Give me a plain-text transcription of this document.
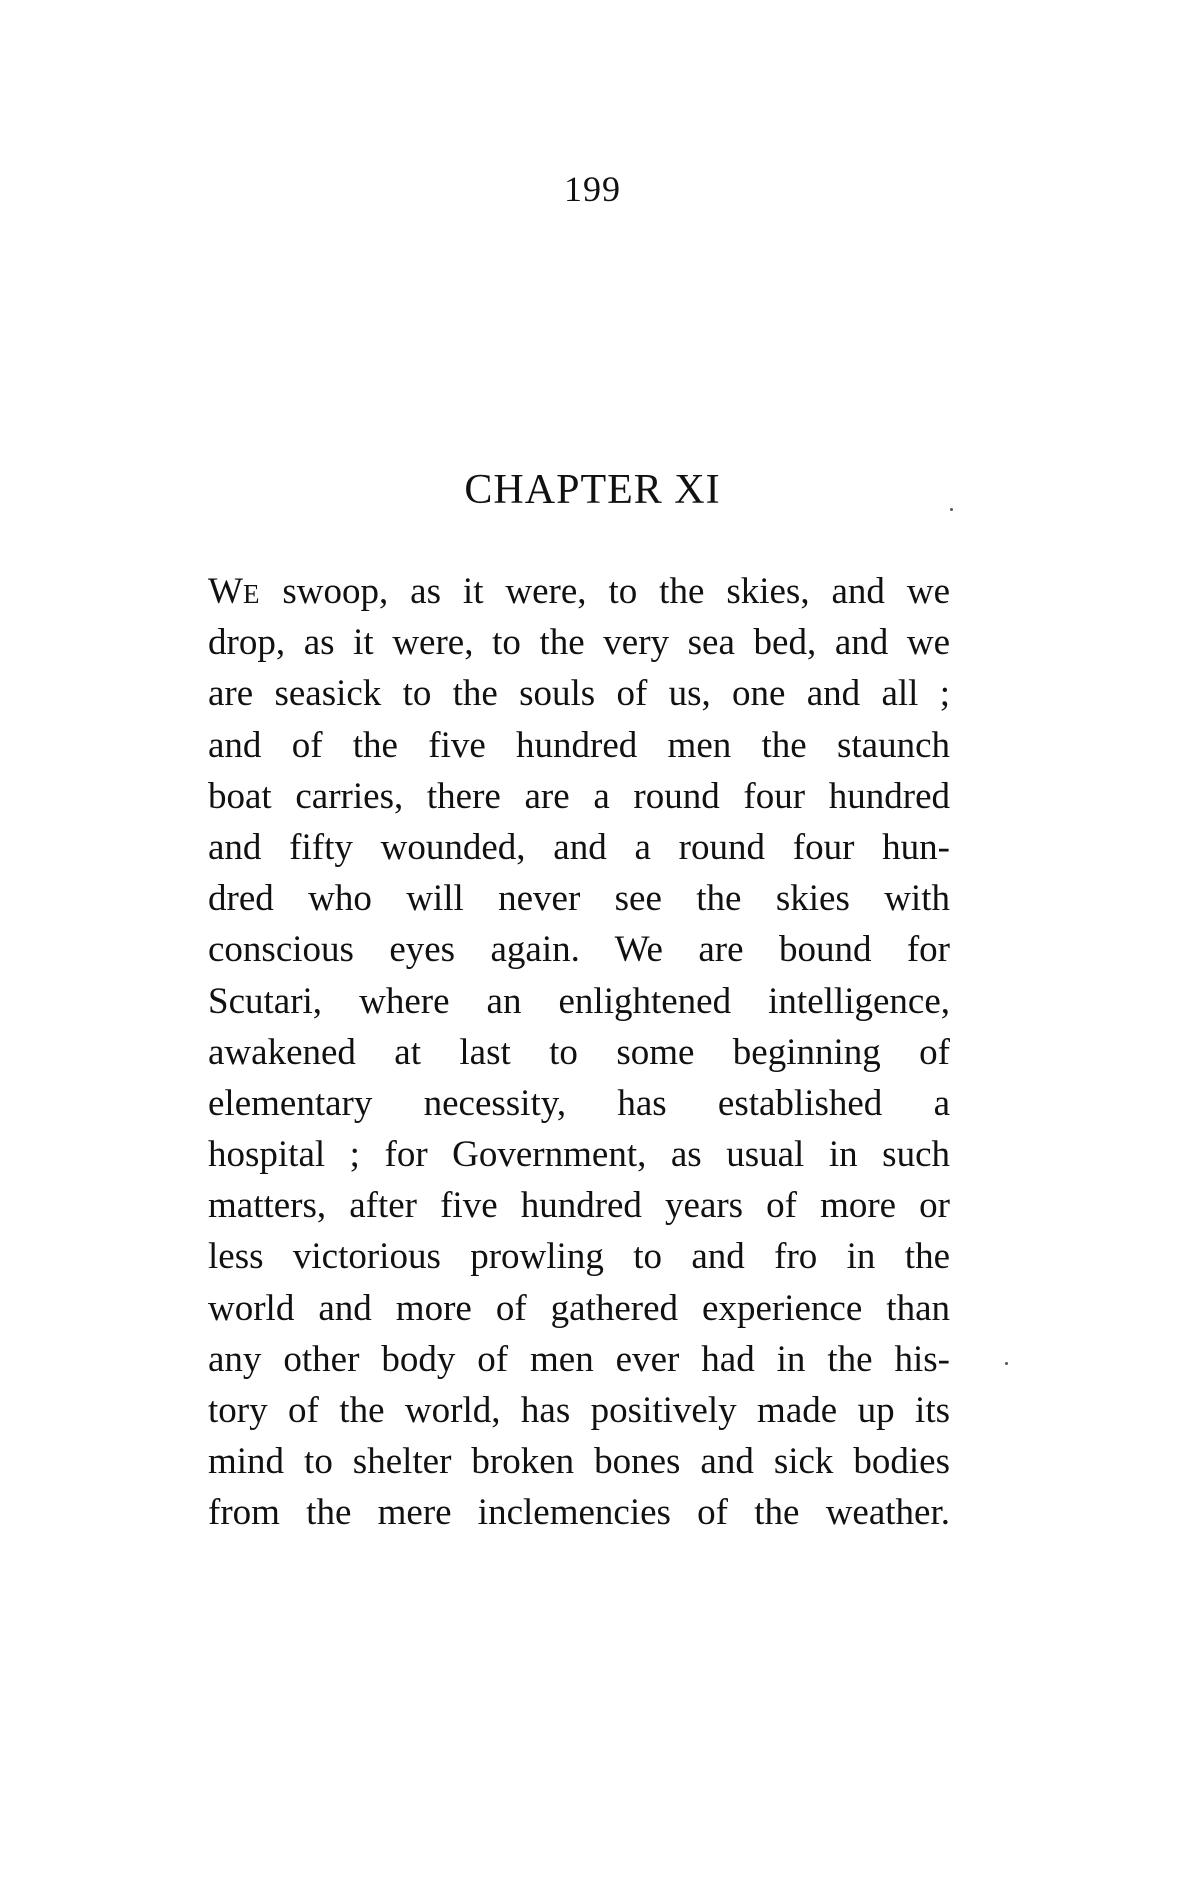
199
CHAPTER XI
WE swoop, as it were, to the skies, and we
drop, as it were, to the very sea bed, and we
are seasick to the souls of us, one and all ;
and of the five hundred men the staunch
boat carries, there are a round four hundred
and fifty wounded, and a round four hun-
dred who will never see the skies with
conscious eyes again. We are bound for
Scutari, where an enlightened intelligence,
awakened at last to some beginning of
elementary necessity, has established a
hospital ; for Government, as usual in such
matters, after five hundred years of more or
less victorious prowling to and fro in the
world and more of gathered experience than
any other body of men ever had in the his-
tory of the world, has positively made up its
mind to shelter broken bones and sick bodies
from the mere inclemencies of the weather.
